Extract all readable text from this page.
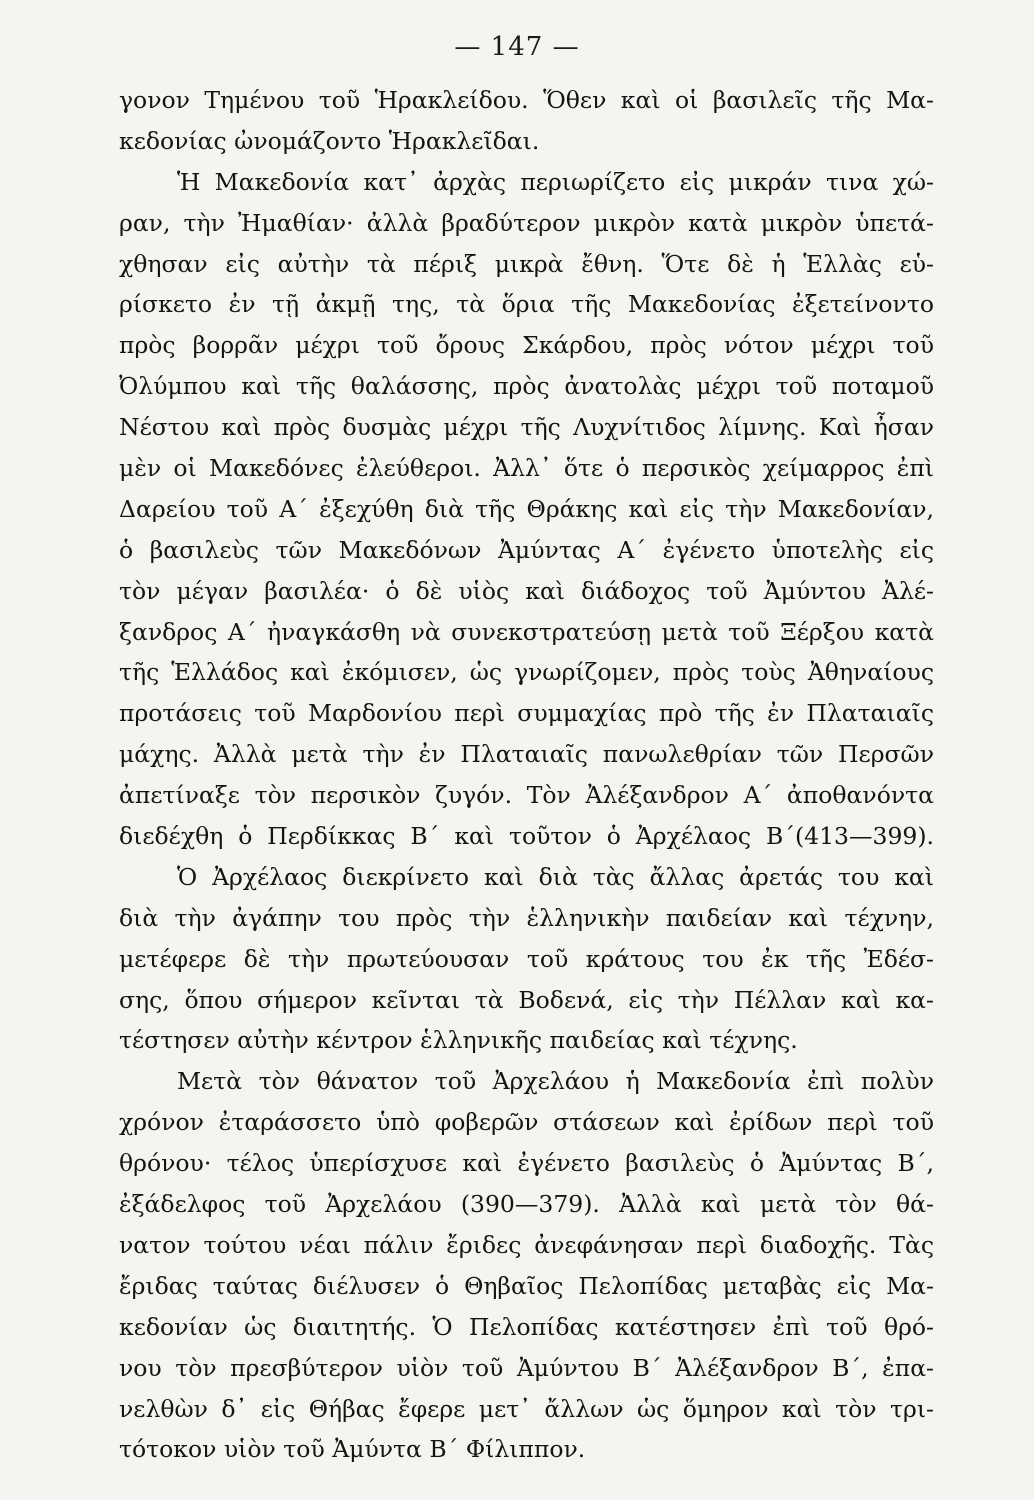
— 147 —
γονον Τημένου τοῦ Ἡρακλείδου. Ὅθεν καὶ οἱ βασιλεῖς τῆς Μα-
κεδονίας ὠνομάζοντο Ἡρακλεῖδαι.
Ἡ Μακεδονία κατ᾽ ἀρχὰς περιωρίζετο εἰς μικράν τινα χώ-
ραν, τὴν Ἠμαθίαν· ἀλλὰ βραδύτερον μικρὸν κατὰ μικρὸν ὑπετά-
χθησαν εἰς αὐτὴν τὰ πέριξ μικρὰ ἔθνη. Ὅτε δὲ ἡ Ἑλλὰς εὑ-
ρίσκετο ἐν τῇ ἀκμῇ της, τὰ ὅρια τῆς Μακεδονίας ἐξετείνοντο
πρὸς βορρᾶν μέχρι τοῦ ὄρους Σκάρδου, πρὸς νότον μέχρι τοῦ
Ὀλύμπου καὶ τῆς θαλάσσης, πρὸς ἀνατολὰς μέχρι τοῦ ποταμοῦ
Νέστου καὶ πρὸς δυσμὰς μέχρι τῆς Λυχνίτιδος λίμνης. Καὶ ἦσαν
μὲν οἱ Μακεδόνες ἐλεύθεροι. Ἀλλ᾽ ὅτε ὁ περσικὸς χείμαρρος ἐπὶ
Δαρείου τοῦ Α΄ ἐξεχύθη διὰ τῆς Θράκης καὶ εἰς τὴν Μακεδονίαν,
ὁ βασιλεὺς τῶν Μακεδόνων Ἀμύντας Α΄ ἐγένετο ὑποτελὴς εἰς
τὸν μέγαν βασιλέα· ὁ δὲ υἱὸς καὶ διάδοχος τοῦ Ἀμύντου Ἀλέ-
ξανδρος Α΄ ἠναγκάσθη νὰ συνεκστρατεύσῃ μετὰ τοῦ Ξέρξου κατὰ
τῆς Ἑλλάδος καὶ ἐκόμισεν, ὡς γνωρίζομεν, πρὸς τοὺς Ἀθηναίους
προτάσεις τοῦ Μαρδονίου περὶ συμμαχίας πρὸ τῆς ἐν Πλαταιαῖς
μάχης. Ἀλλὰ μετὰ τὴν ἐν Πλαταιαῖς πανωλεθρίαν τῶν Περσῶν
ἀπετίναξε τὸν περσικὸν ζυγόν. Τὸν Ἀλέξανδρον Α΄ ἀποθανόντα
διεδέχθη ὁ Περδίκκας Β΄ καὶ τοῦτον ὁ Ἀρχέλαος Β΄(413—399).
Ὁ Ἀρχέλαος διεκρίνετο καὶ διὰ τὰς ἄλλας ἀρετάς του καὶ
διὰ τὴν ἀγάπην του πρὸς τὴν ἑλληνικὴν παιδείαν καὶ τέχνην,
μετέφερε δὲ τὴν πρωτεύουσαν τοῦ κράτους του ἐκ τῆς Ἐδέσ-
σης, ὅπου σήμερον κεῖνται τὰ Βοδενά, εἰς τὴν Πέλλαν καὶ κα-
τέστησεν αὐτὴν κέντρον ἑλληνικῆς παιδείας καὶ τέχνης.
Μετὰ τὸν θάνατον τοῦ Ἀρχελάου ἡ Μακεδονία ἐπὶ πολὺν
χρόνον ἐταράσσετο ὑπὸ φοβερῶν στάσεων καὶ ἐρίδων περὶ τοῦ
θρόνου· τέλος ὑπερίσχυσε καὶ ἐγένετο βασιλεὺς ὁ Ἀμύντας Β΄,
ἐξάδελφος τοῦ Ἀρχελάου (390—379). Ἀλλὰ καὶ μετὰ τὸν θά-
νατον τούτου νέαι πάλιν ἔριδες ἀνεφάνησαν περὶ διαδοχῆς. Τὰς
ἔριδας ταύτας διέλυσεν ὁ Θηβαῖος Πελοπίδας μεταβὰς εἰς Μα-
κεδονίαν ὡς διαιτητής. Ὁ Πελοπίδας κατέστησεν ἐπὶ τοῦ θρό-
νου τὸν πρεσβύτερον υἱὸν τοῦ Ἀμύντου Β΄ Ἀλέξανδρον Β΄, ἐπα-
νελθὼν δ᾽ εἰς Θήβας ἔφερε μετ᾽ ἄλλων ὡς ὅμηρον καὶ τὸν τρι-
τότοκον υἱὸν τοῦ Ἀμύντα Β΄ Φίλιππον.
